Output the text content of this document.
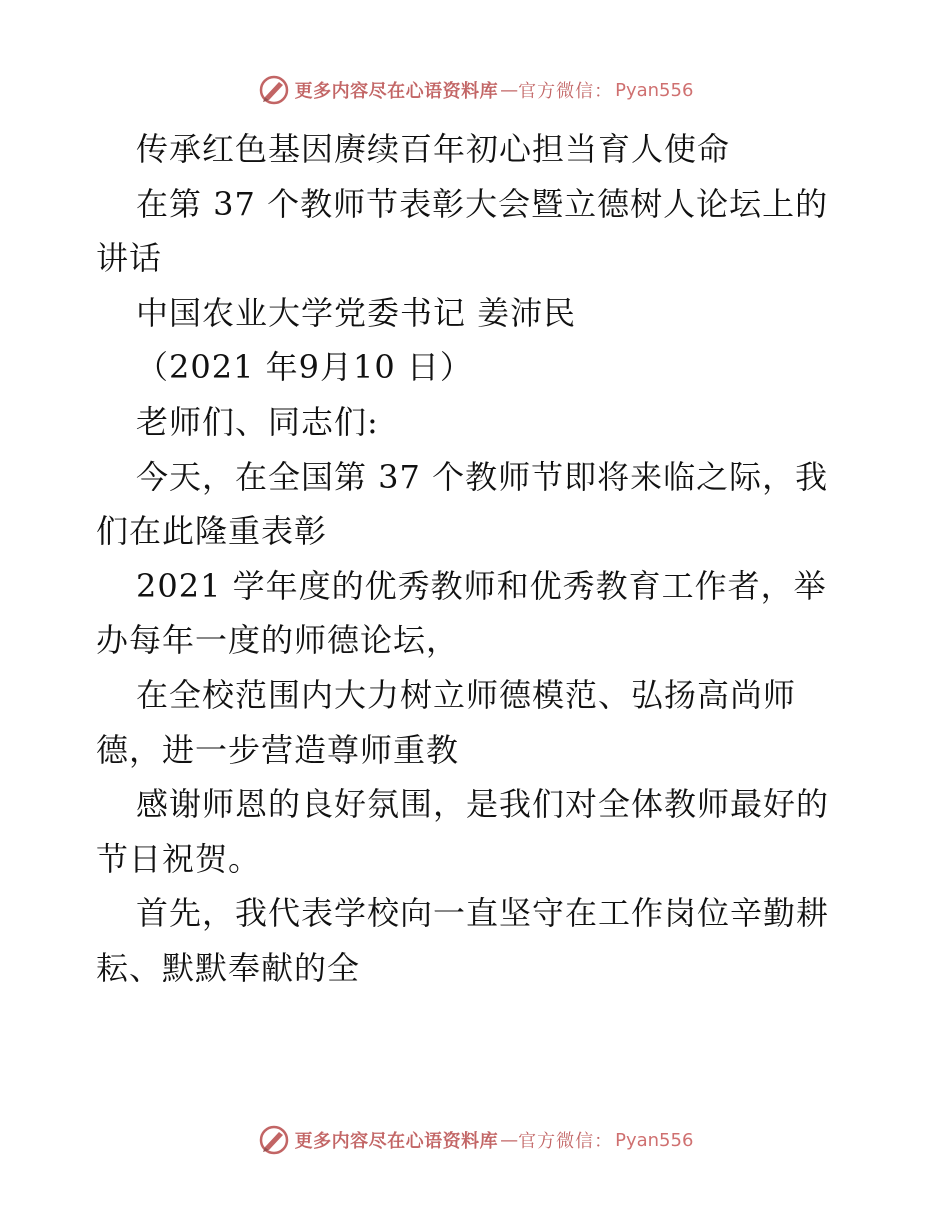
更多内容尽在心语资料库 — 官方微信： Pyan556

传承红色基因赓续百年初心担当育人使命

在第 37 个教师节表彰大会暨立德树人论坛上的讲话

中国农业大学党委书记 姜沛民

（2021 年9月10 日）

老师们、同志们:

今天，在全国第 37 个教师节即将来临之际，我们在此隆重表彰

2021 学年度的优秀教师和优秀教育工作者，举办每年一度的师德论坛，

在全校范围内大力树立师德模范、弘扬高尚师德，进一步营造尊师重教

感谢师恩的良好氛围，是我们对全体教师最好的节日祝贺。

首先，我代表学校向一直坚守在工作岗位辛勤耕耘、默默奉献的全

更多内容尽在心语资料库 — 官方微信： Pyan556
